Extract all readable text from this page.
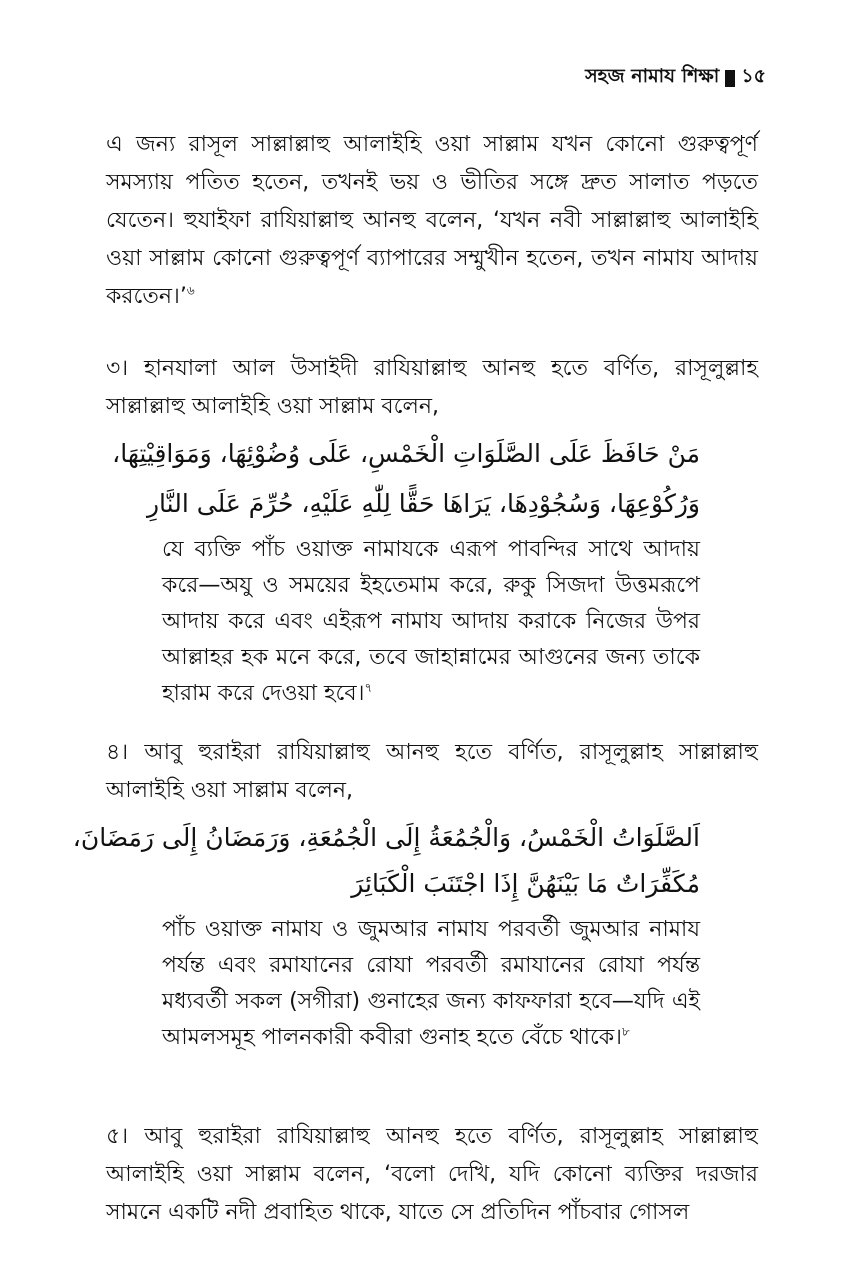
সহজ নামায শিক্ষা ১৫

এ জন্য রাসূল সাল্লাল্লাহু আলাইহি ওয়া সাল্লাম যখন কোনো গুরুত্বপূর্ণ সমস্যায় পতিত হতেন, তখনই ভয় ও ভীতির সঙ্গে দ্রুত সালাত পড়তে যেতেন। হুযাইফা রাযিয়াল্লাহু আনহু বলেন, ‘যখন নবী সাল্লাল্লাহু আলাইহি ওয়া সাল্লাম কোনো গুরুত্বপূর্ণ ব্যাপারের সম্মুখীন হতেন, তখন নামায আদায় করতেন।’$^৬$

৩। হানযালা আল উসাইদী রাযিয়াল্লাহু আনহু হতে বর্ণিত, রাসূলুল্লাহ সাল্লাল্লাহু আলাইহি ওয়া সাল্লাম বলেন,

مَنْ حَافَظَ عَلَى الصَّلَوَاتِ الْخَمْسِ، عَلَى وُضُوْئِهَا، وَمَوَاقِيْتِهَا،

وَرُكُوْعِهَا، وَسُجُوْدِهَا، يَرَاهَا حَقًّا لِلّٰهِ عَلَيْهِ، حُرِّمَ عَلَى النَّارِ

যে ব্যক্তি পাঁচ ওয়াক্ত নামাযকে এরূপ পাবন্দির সাথে আদায় করে—অযু ও সময়ের ইহতেমাম করে, রুকু সিজদা উত্তমরূপে আদায় করে এবং এইরূপ নামায আদায় করাকে নিজের উপর আল্লাহর হক মনে করে, তবে জাহান্নামের আগুনের জন্য তাকে হারাম করে দেওয়া হবে।$^৭$

৪। আবু হুরাইরা রাযিয়াল্লাহু আনহু হতে বর্ণিত, রাসূলুল্লাহ সাল্লাল্লাহু আলাইহি ওয়া সাল্লাম বলেন,

اَلصَّلَوَاتُ الْخَمْسُ، وَالْجُمُعَةُ إِلَى الْجُمُعَةِ، وَرَمَضَانُ إِلَى رَمَضَانَ،

مُكَفِّرَاتٌ مَا بَيْنَهُنَّ إِذَا اجْتَنَبَ الْكَبَائِرَ

পাঁচ ওয়াক্ত নামায ও জুমআর নামায পরবর্তী জুমআর নামায পর্যন্ত এবং রমাযানের রোযা পরবর্তী রমাযানের রোযা পর্যন্ত মধ্যবর্তী সকল (সগীরা) গুনাহের জন্য কাফফারা হবে—যদি এই আমলসমূহ পালনকারী কবীরা গুনাহ হতে বেঁচে থাকে।$^৮$

৫। আবু হুরাইরা রাযিয়াল্লাহু আনহু হতে বর্ণিত, রাসূলুল্লাহ সাল্লাল্লাহু আলাইহি ওয়া সাল্লাম বলেন, ‘বলো দেখি, যদি কোনো ব্যক্তির দরজার সামনে একটি নদী প্রবাহিত থাকে, যাতে সে প্রতিদিন পাঁচবার গোসল
